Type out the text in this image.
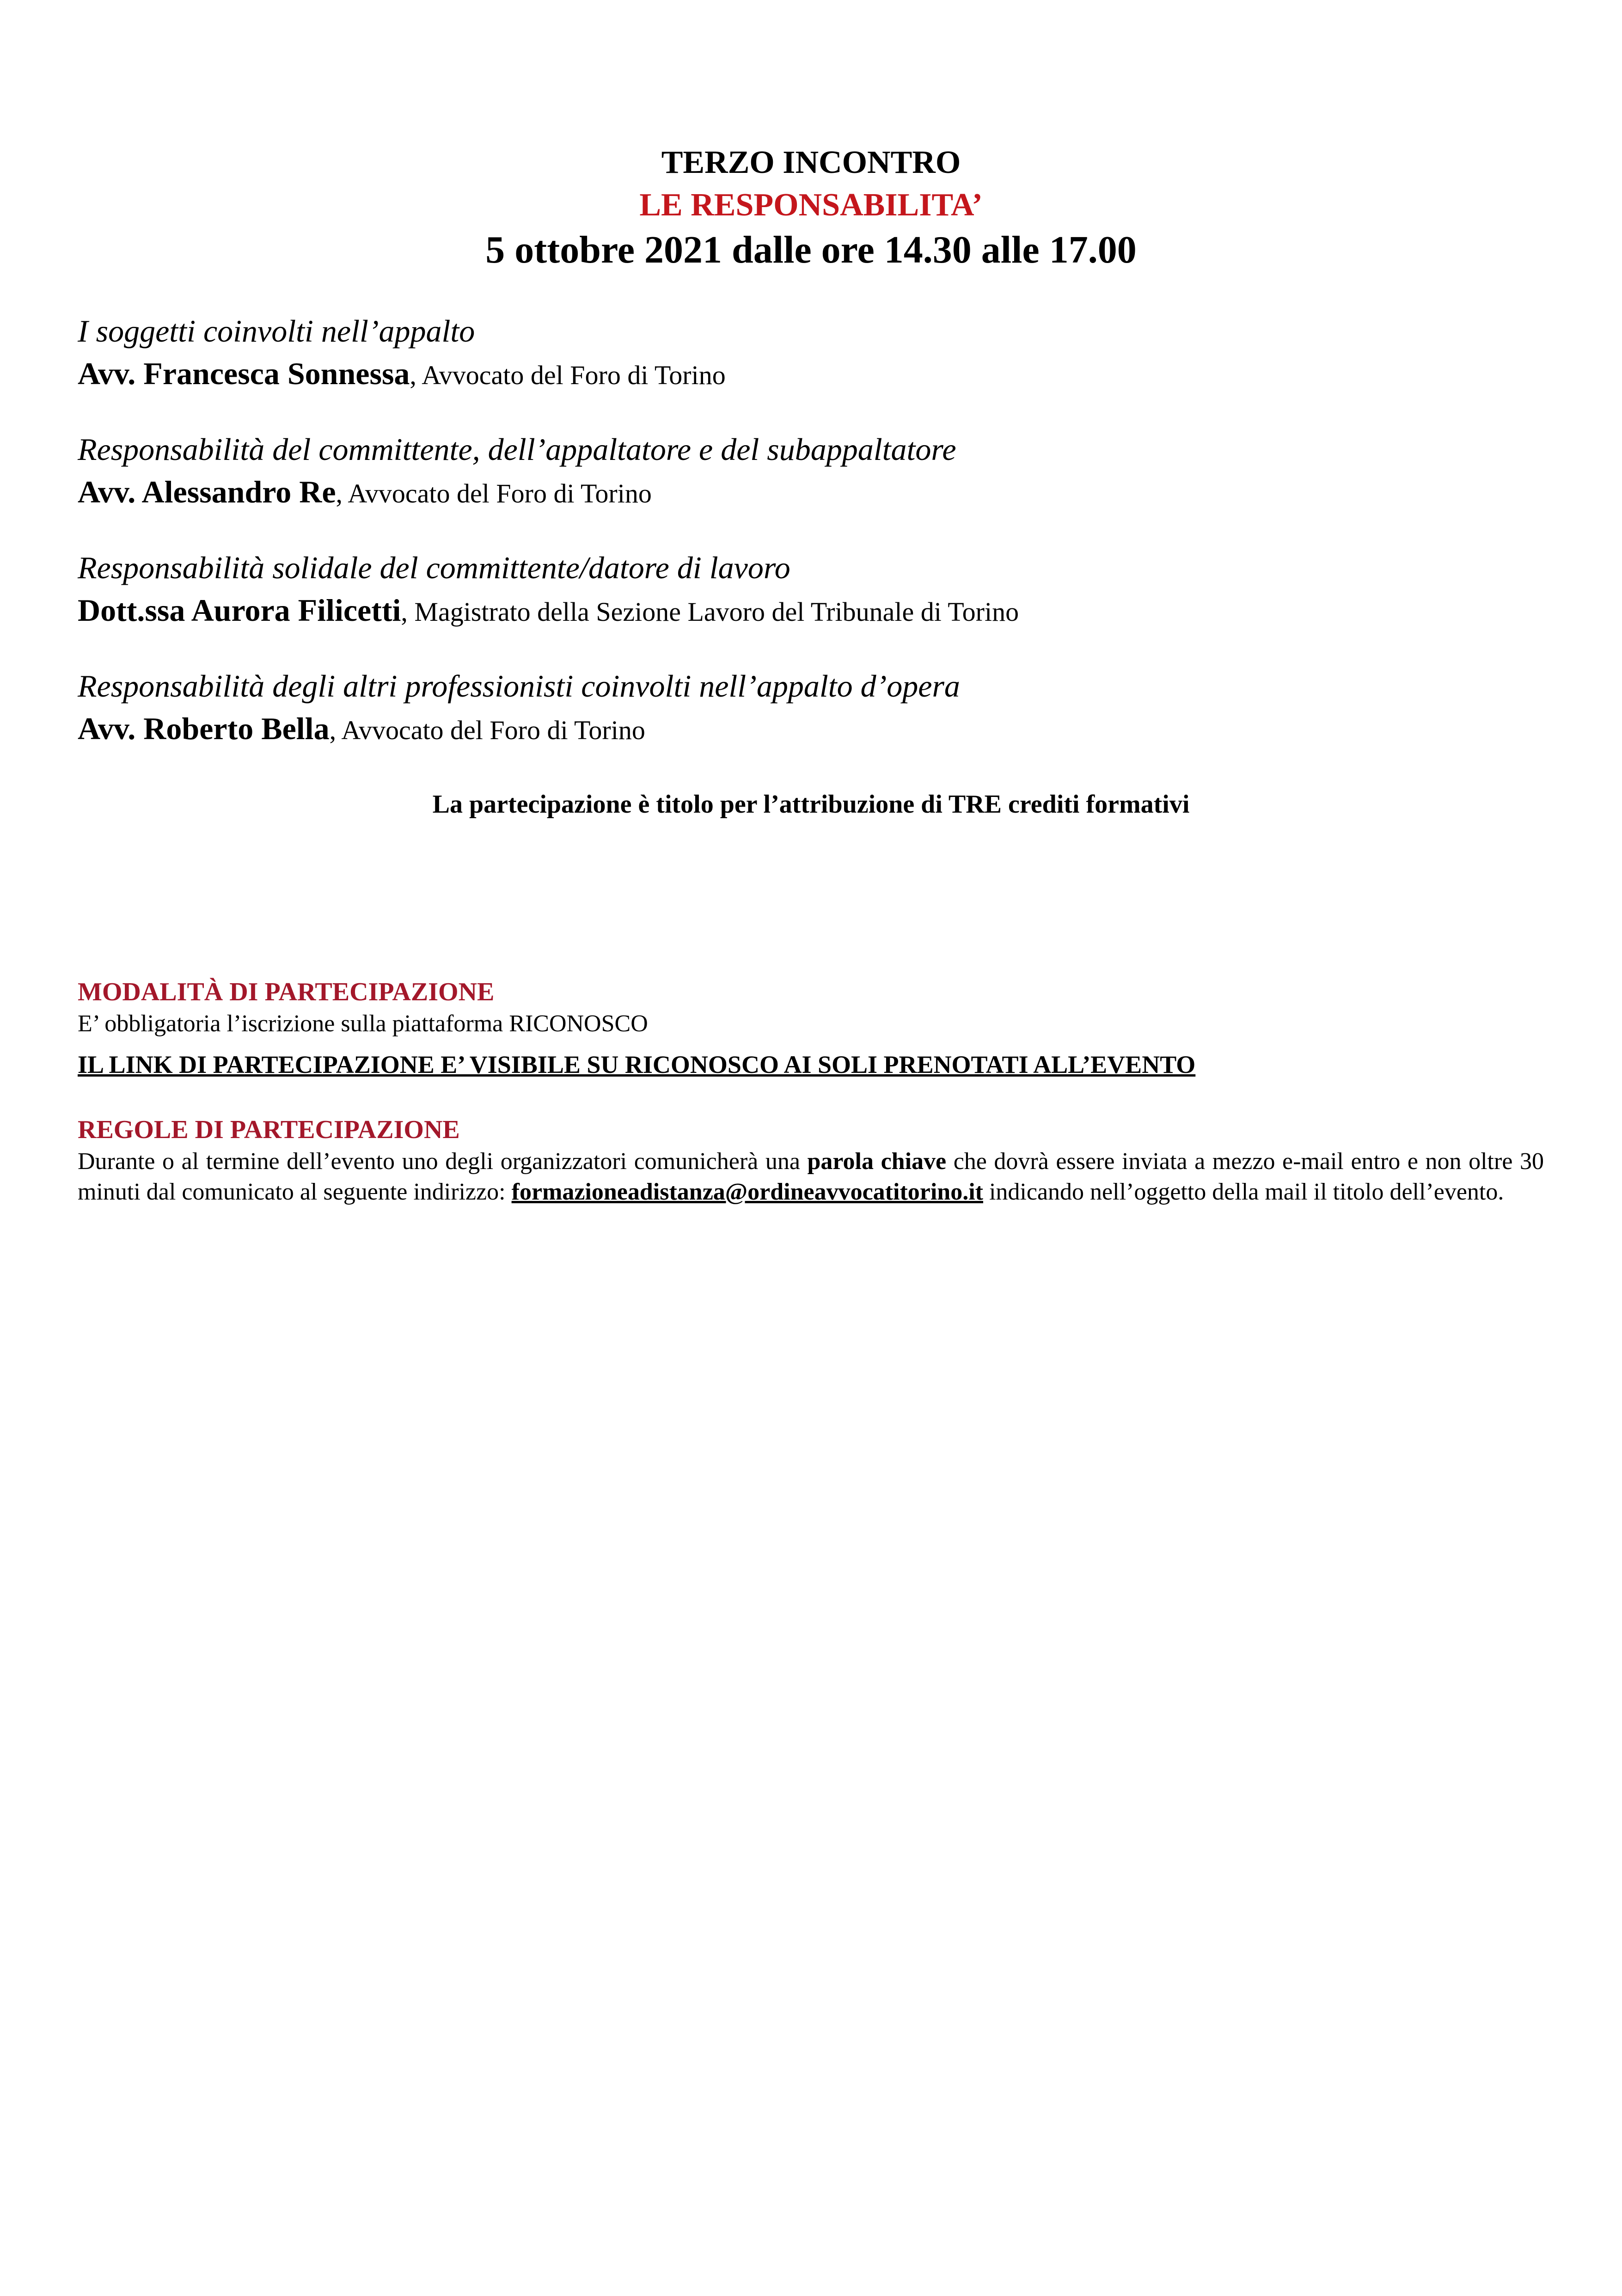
TERZO INCONTRO
LE RESPONSABILITA’
5 ottobre 2021 dalle ore 14.30 alle 17.00
I soggetti coinvolti nell’appalto
Avv. Francesca Sonnessa, Avvocato del Foro di Torino
Responsabilità del committente, dell’appaltatore e del subappaltatore
Avv. Alessandro Re, Avvocato del Foro di Torino
Responsabilità solidale del committente/datore di lavoro
Dott.ssa Aurora Filicetti, Magistrato della Sezione Lavoro del Tribunale di Torino
Responsabilità degli altri professionisti coinvolti nell’appalto d’opera
Avv. Roberto Bella, Avvocato del Foro di Torino
La partecipazione è titolo per l’attribuzione di TRE crediti formativi
MODALITÀ DI PARTECIPAZIONE
E’ obbligatoria l’iscrizione sulla piattaforma RICONOSCO
IL LINK DI PARTECIPAZIONE E’ VISIBILE SU RICONOSCO AI SOLI PRENOTATI ALL’EVENTO
REGOLE DI PARTECIPAZIONE
Durante o al termine dell’evento uno degli organizzatori comunicherà una parola chiave che dovrà essere inviata a mezzo e-mail entro e non oltre 30 minuti dal comunicato al seguente indirizzo: formazioneadistanza@ordineavvocatitorino.it indicando nell’oggetto della mail il titolo dell’evento.
